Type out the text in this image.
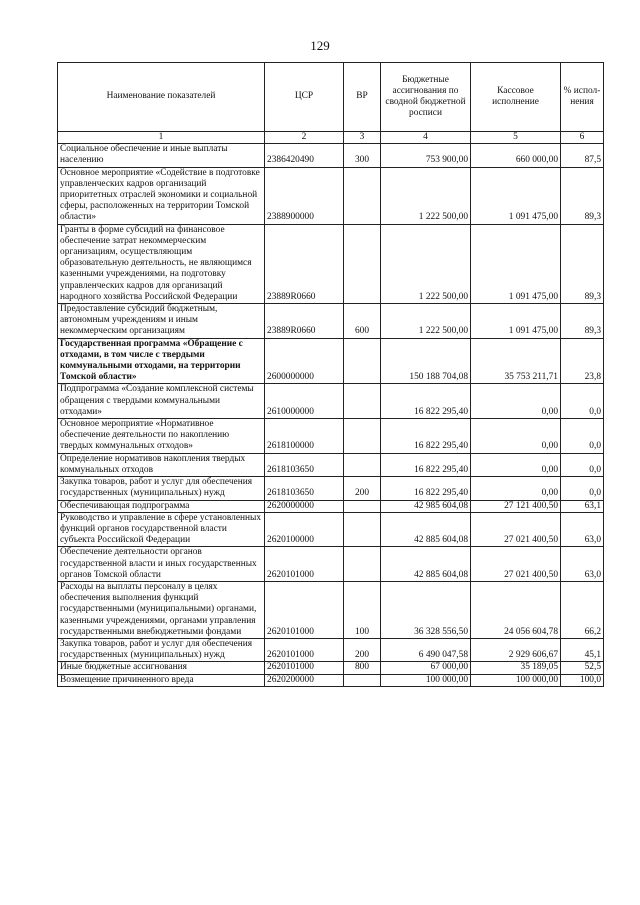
129
Наименование показателей	ЦСР	ВР	Бюджетные ассигнования по сводной бюджетной росписи	Кассовое исполнение	% испол-нения
1	2	3	4	5	6
Социальное обеспечение и иные выплаты населению	2386420490	300	753 900,00	660 000,00	87,5
Основное мероприятие «Содействие в подготовке управленческих кадров организаций приоритетных отраслей экономики и социальной сферы, расположенных на территории Томской области»	2388900000		1 222 500,00	1 091 475,00	89,3
Гранты в форме субсидий на финансовое обеспечение затрат некоммерческим организациям, осуществляющим образовательную деятельность, не являющимся казенными учреждениями, на подготовку управленческих кадров для организаций народного хозяйства Российской Федерации	23889R0660		1 222 500,00	1 091 475,00	89,3
Предоставление субсидий бюджетным, автономным учреждениям и иным некоммерческим организациям	23889R0660	600	1 222 500,00	1 091 475,00	89,3
Государственная программа «Обращение с отходами, в том числе с твердыми коммунальными отходами, на территории Томской области»	2600000000		150 188 704,08	35 753 211,71	23,8
Подпрограмма «Создание комплексной системы обращения с твердыми коммунальными отходами»	2610000000		16 822 295,40	0,00	0,0
Основное мероприятие «Нормативное обеспечение деятельности по накоплению твердых коммунальных отходов»	2618100000		16 822 295,40	0,00	0,0
Определение нормативов накопления твердых коммунальных отходов	2618103650		16 822 295,40	0,00	0,0
Закупка товаров, работ и услуг для обеспечения государственных (муниципальных) нужд	2618103650	200	16 822 295,40	0,00	0,0
Обеспечивающая подпрограмма	2620000000		42 985 604,08	27 121 400,50	63,1
Руководство и управление в сфере установленных функций органов государственной власти субъекта Российской Федерации	2620100000		42 885 604,08	27 021 400,50	63,0
Обеспечение деятельности органов государственной власти и иных государственных органов Томской области	2620101000		42 885 604,08	27 021 400,50	63,0
Расходы на выплаты персоналу в целях обеспечения выполнения функций государственными (муниципальными) органами, казенными учреждениями, органами управления государственными внебюджетными фондами	2620101000	100	36 328 556,50	24 056 604,78	66,2
Закупка товаров, работ и услуг для обеспечения государственных (муниципальных) нужд	2620101000	200	6 490 047,58	2 929 606,67	45,1
Иные бюджетные ассигнования	2620101000	800	67 000,00	35 189,05	52,5
Возмещение причиненного вреда	2620200000		100 000,00	100 000,00	100,0
